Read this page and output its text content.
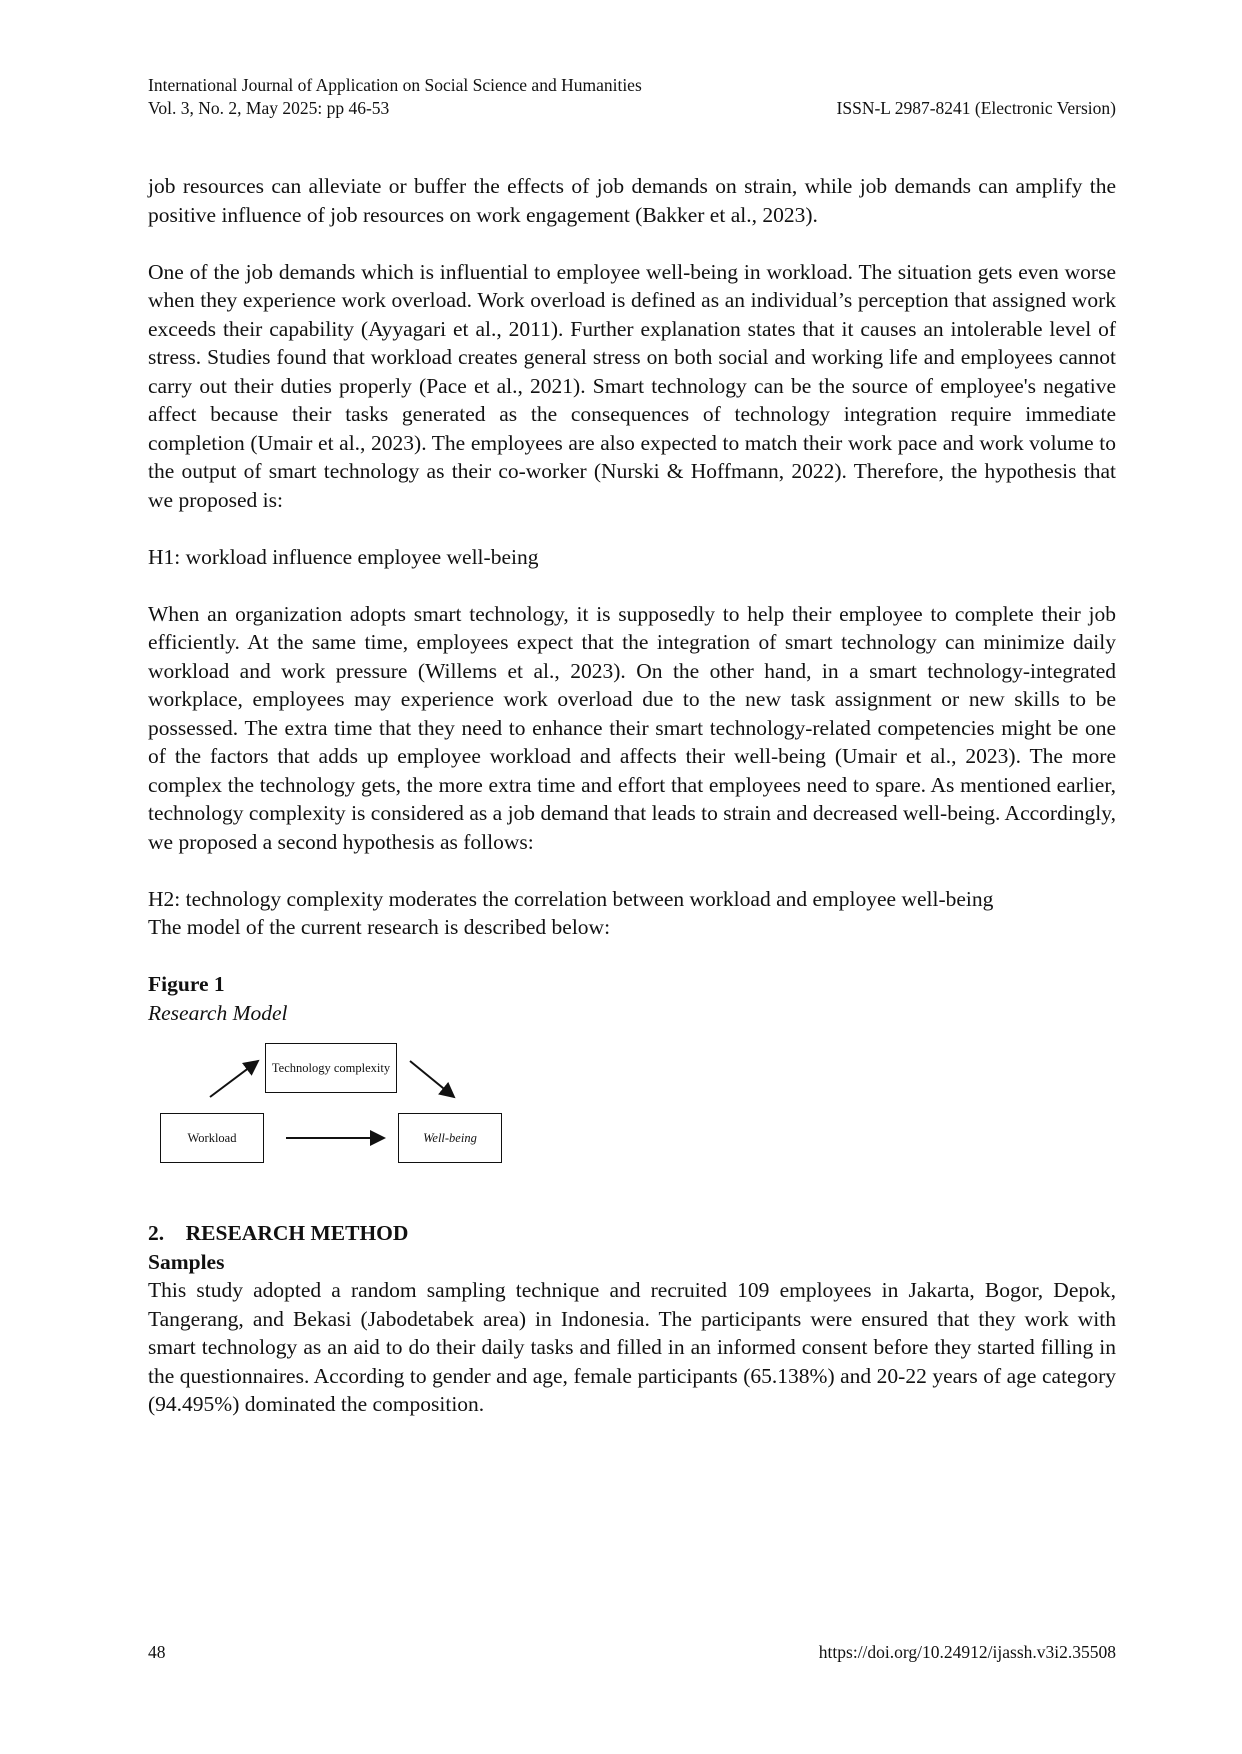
International Journal of Application on Social Science and Humanities
Vol. 3, No. 2, May 2025: pp 46-53	ISSN-L 2987-8241 (Electronic Version)

job resources can alleviate or buffer the effects of job demands on strain, while job demands can amplify the positive influence of job resources on work engagement (Bakker et al., 2023).

One of the job demands which is influential to employee well-being in workload. The situation gets even worse when they experience work overload. Work overload is defined as an individual’s perception that assigned work exceeds their capability (Ayyagari et al., 2011). Further explanation states that it causes an intolerable level of stress. Studies found that workload creates general stress on both social and working life and employees cannot carry out their duties properly (Pace et al., 2021). Smart technology can be the source of employee's negative affect because their tasks generated as the consequences of technology integration require immediate completion (Umair et al., 2023). The employees are also expected to match their work pace and work volume to the output of smart technology as their co-worker (Nurski & Hoffmann, 2022). Therefore, the hypothesis that we proposed is:

H1: workload influence employee well-being

When an organization adopts smart technology, it is supposedly to help their employee to complete their job efficiently. At the same time, employees expect that the integration of smart technology can minimize daily workload and work pressure (Willems et al., 2023). On the other hand, in a smart technology-integrated workplace, employees may experience work overload due to the new task assignment or new skills to be possessed. The extra time that they need to enhance their smart technology-related competencies might be one of the factors that adds up employee workload and affects their well-being (Umair et al., 2023). The more complex the technology gets, the more extra time and effort that employees need to spare. As mentioned earlier, technology complexity is considered as a job demand that leads to strain and decreased well-being. Accordingly, we proposed a second hypothesis as follows:

H2: technology complexity moderates the correlation between workload and employee well-being

The model of the current research is described below:

Figure 1
Research Model
Technology complexity
Workload	Well-being
2.    RESEARCH METHOD
Samples

This study adopted a random sampling technique and recruited 109 employees in Jakarta, Bogor, Depok, Tangerang, and Bekasi (Jabodetabek area) in Indonesia. The participants were ensured that they work with smart technology as an aid to do their daily tasks and filled in an informed consent before they started filling in the questionnaires. According to gender and age, female participants (65.138%) and 20-22 years of age category (94.495%) dominated the composition.

48	https://doi.org/10.24912/ijassh.v3i2.35508
